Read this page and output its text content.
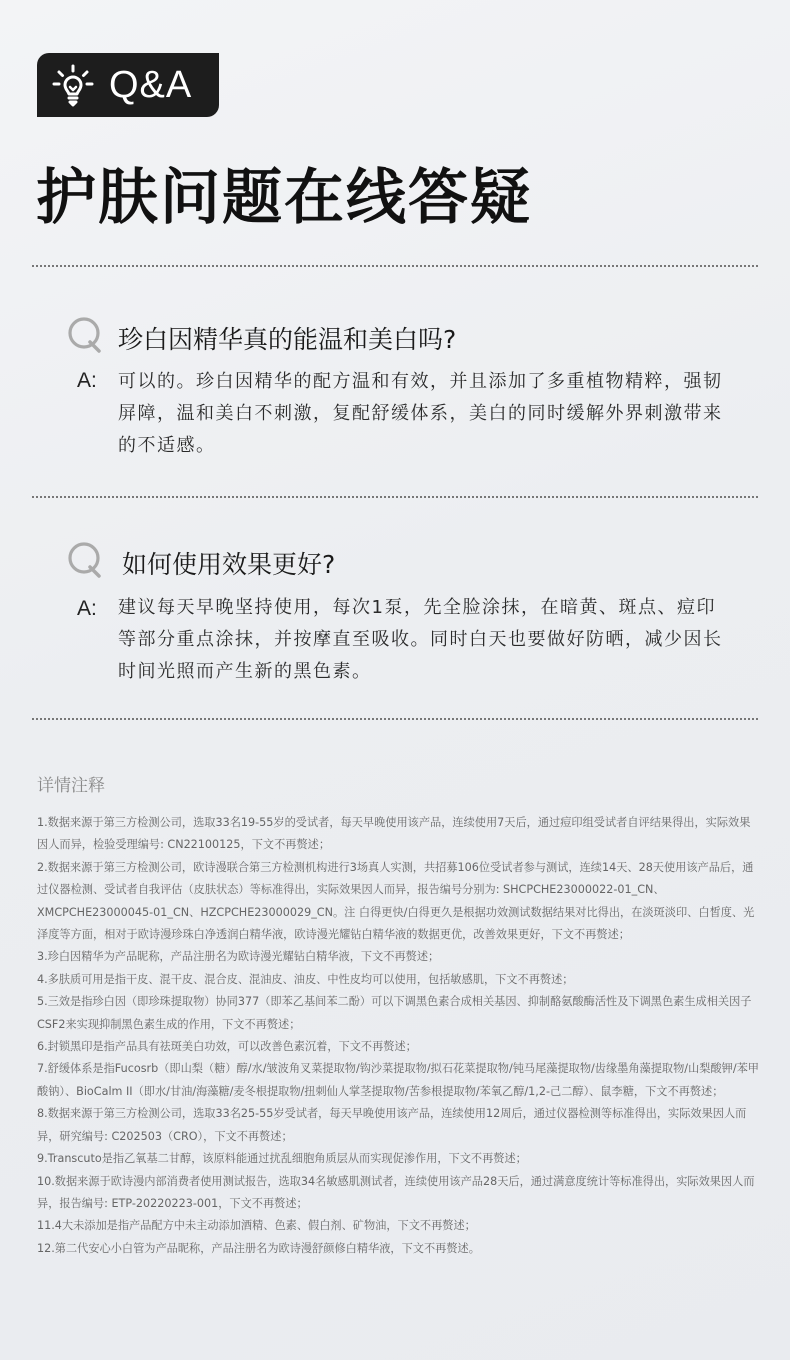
Q&A
护肤问题在线答疑
珍白因精华真的能温和美白吗?
A: 可以的。珍白因精华的配方温和有效，并且添加了多重植物精粹，强韧屏障，温和美白不刺激，复配舒缓体系，美白的同时缓解外界刺激带来的不适感。

如何使用效果更好?
A: 建议每天早晚坚持使用，每次1泵，先全脸涂抹，在暗黄、斑点、痘印等部分重点涂抹，并按摩直至吸收。同时白天也要做好防晒，减少因长时间光照而产生新的黑色素。

详情注释
1.数据来源于第三方检测公司，选取33名19-55岁的受试者，每天早晚使用该产品，连续使用7天后，通过痘印组受试者自评结果得出，实际效果因人而异，检验受理编号: CN22100125，下文不再赘述；
2.数据来源于第三方检测公司，欧诗漫联合第三方检测机构进行3场真人实测，共招募106位受试者参与测试，连续14天、28天使用该产品后，通过仪器检测、受试者自我评估（皮肤状态）等标准得出，实际效果因人而异，报告编号分别为: SHCPCHE23000022-01_CN、XMCPCHE23000045-01_CN、HZCPCHE23000029_CN。注 白得更快/白得更久是根据功效测试数据结果对比得出，在淡斑淡印、白皙度、光泽度等方面，相对于欧诗漫珍珠白净透润白精华液，欧诗漫光耀钻白精华液的数据更优，改善效果更好，下文不再赘述；
3.珍白因精华为产品昵称，产品注册名为欧诗漫光耀钻白精华液，下文不再赘述；
4.多肤质可用是指干皮、混干皮、混合皮、混油皮、油皮、中性皮均可以使用，包括敏感肌，下文不再赘述；
5.三效是指珍白因（即珍珠提取物）协同377（即苯乙基间苯二酚）可以下调黑色素合成相关基因、抑制酪氨酸酶活性及下调黑色素生成相关因子CSF2来实现抑制黑色素生成的作用，下文不再赘述；
6.封锁黑印是指产品具有祛斑美白功效，可以改善色素沉着，下文不再赘述；
7.舒缓体系是指Fucosrb（即山梨（糖）醇/水/皱波角叉菜提取物/钩沙菜提取物/拟石花菜提取物/钝马尾藻提取物/齿缘墨角藻提取物/山梨酸钾/苯甲酸钠）、BioCalm II（即水/甘油/海藻糖/麦冬根提取物/扭刺仙人掌茎提取物/苦参根提取物/苯氧乙醇/1,2-己二醇）、鼠李糖，下文不再赘述；
8.数据来源于第三方检测公司，选取33名25-55岁受试者，每天早晚使用该产品，连续使用12周后，通过仪器检测等标准得出，实际效果因人而异，研究编号: C202503（CRO），下文不再赘述；
9.Transcuto是指乙氧基二甘醇，该原料能通过扰乱细胞角质层从而实现促渗作用，下文不再赘述；
10.数据来源于欧诗漫内部消费者使用测试报告，选取34名敏感肌测试者，连续使用该产品28天后，通过满意度统计等标准得出，实际效果因人而异，报告编号: ETP-20220223-001，下文不再赘述；
11.4大未添加是指产品配方中未主动添加酒精、色素、假白剂、矿物油，下文不再赘述；
12.第二代安心小白管为产品昵称，产品注册名为欧诗漫舒颜修白精华液，下文不再赘述。
